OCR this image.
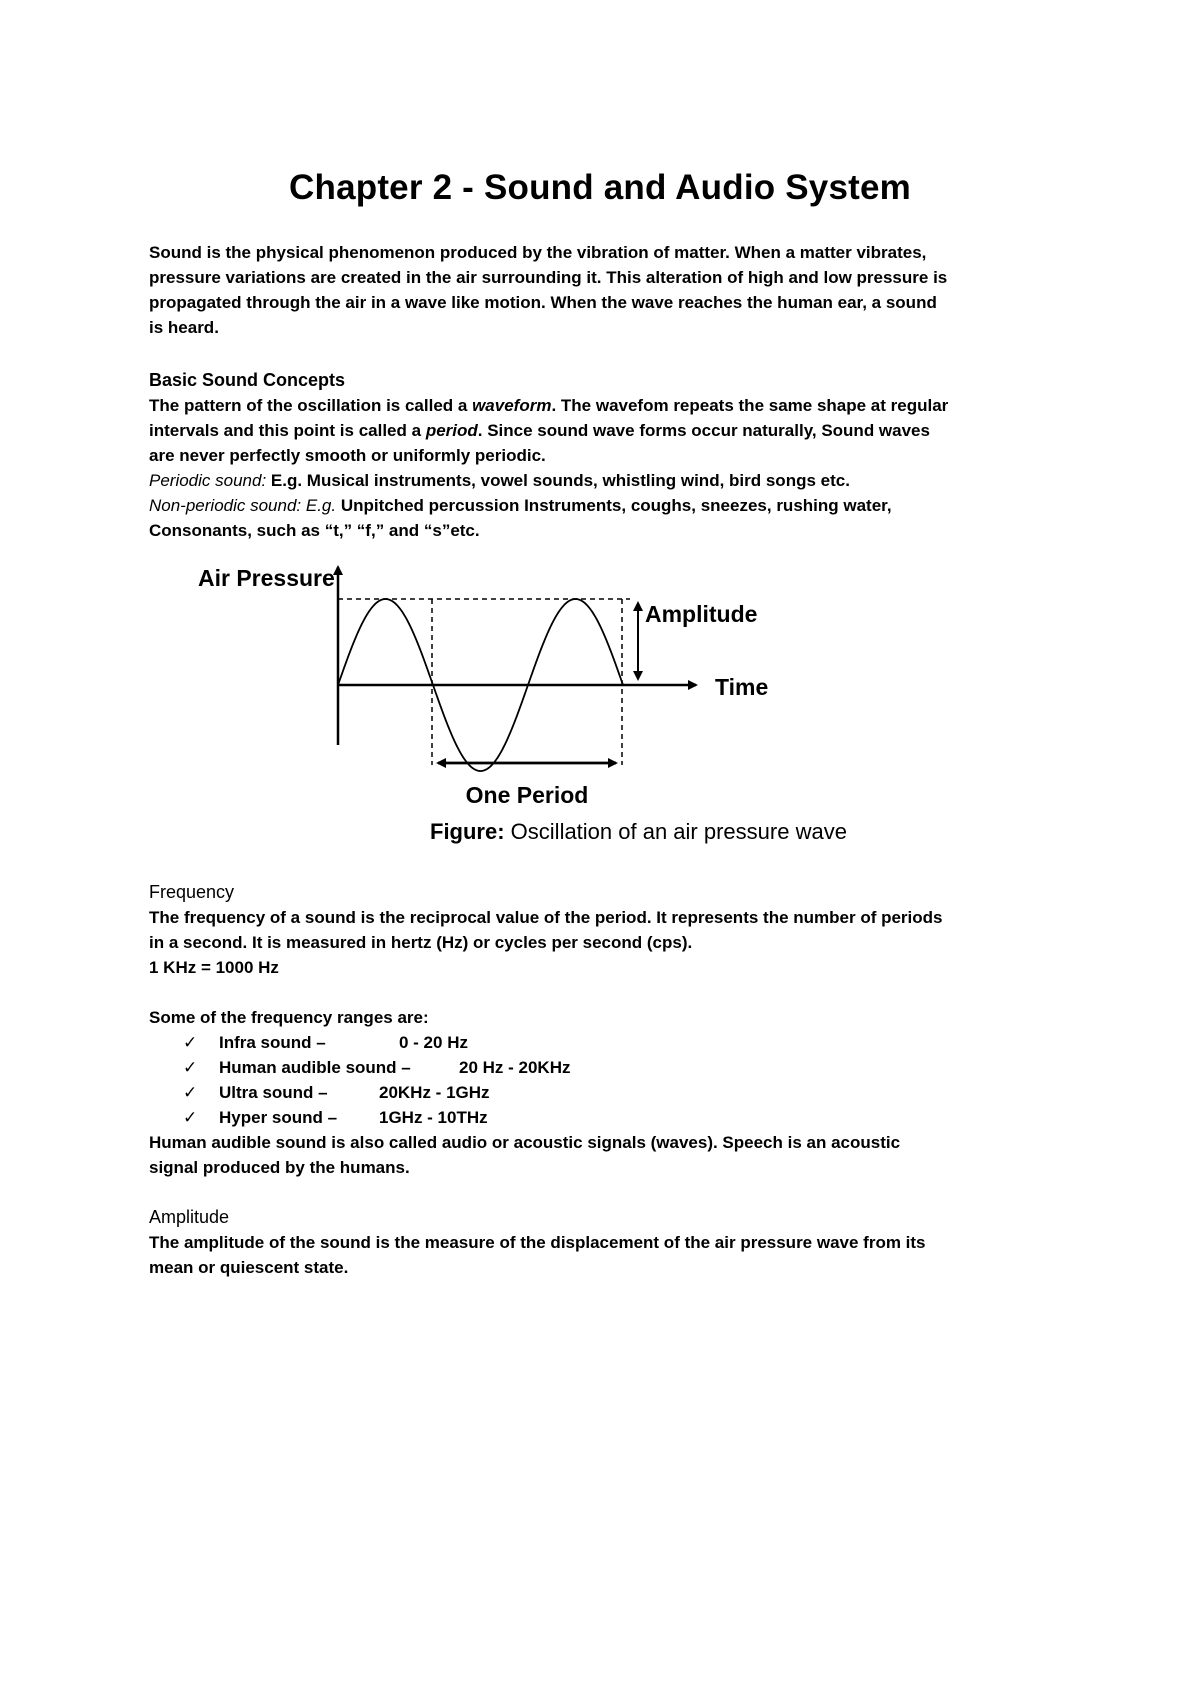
Chapter 2 - Sound and Audio System

Sound is the physical phenomenon produced by the vibration of matter. When a matter vibrates, pressure variations are created in the air surrounding it. This alteration of high and low pressure is propagated through the air in a wave like motion. When the wave reaches the human ear, a sound is heard.

Basic Sound Concepts

The pattern of the oscillation is called a waveform. The wavefom repeats the same shape at regular intervals and this point is called a period. Since sound wave forms occur naturally, Sound waves are never perfectly smooth or uniformly periodic.

Periodic sound: E.g. Musical instruments, vowel sounds, whistling wind, bird songs etc.

Non-periodic sound: E.g. Unpitched percussion Instruments, coughs, sneezes, rushing water, Consonants, such as “t,” “f,” and “s”etc.

Air Pressure
Amplitude
Time
One Period
Figure: Oscillation of an air pressure wave

Frequency

The frequency of a sound is the reciprocal value of the period. It represents the number of periods in a second. It is measured in hertz (Hz) or cycles per second (cps).

1 KHz = 1000 Hz

Some of the frequency ranges are:

✓ Infra sound –	0 - 20 Hz
✓ Human audible sound –	20 Hz - 20KHz
✓ Ultra sound –	20KHz - 1GHz
✓ Hyper sound – 1GHz - 10THz

Human audible sound is also called audio or acoustic signals (waves). Speech is an acoustic signal produced by the humans.

Amplitude

The amplitude of the sound is the measure of the displacement of the air pressure wave from its mean or quiescent state.
